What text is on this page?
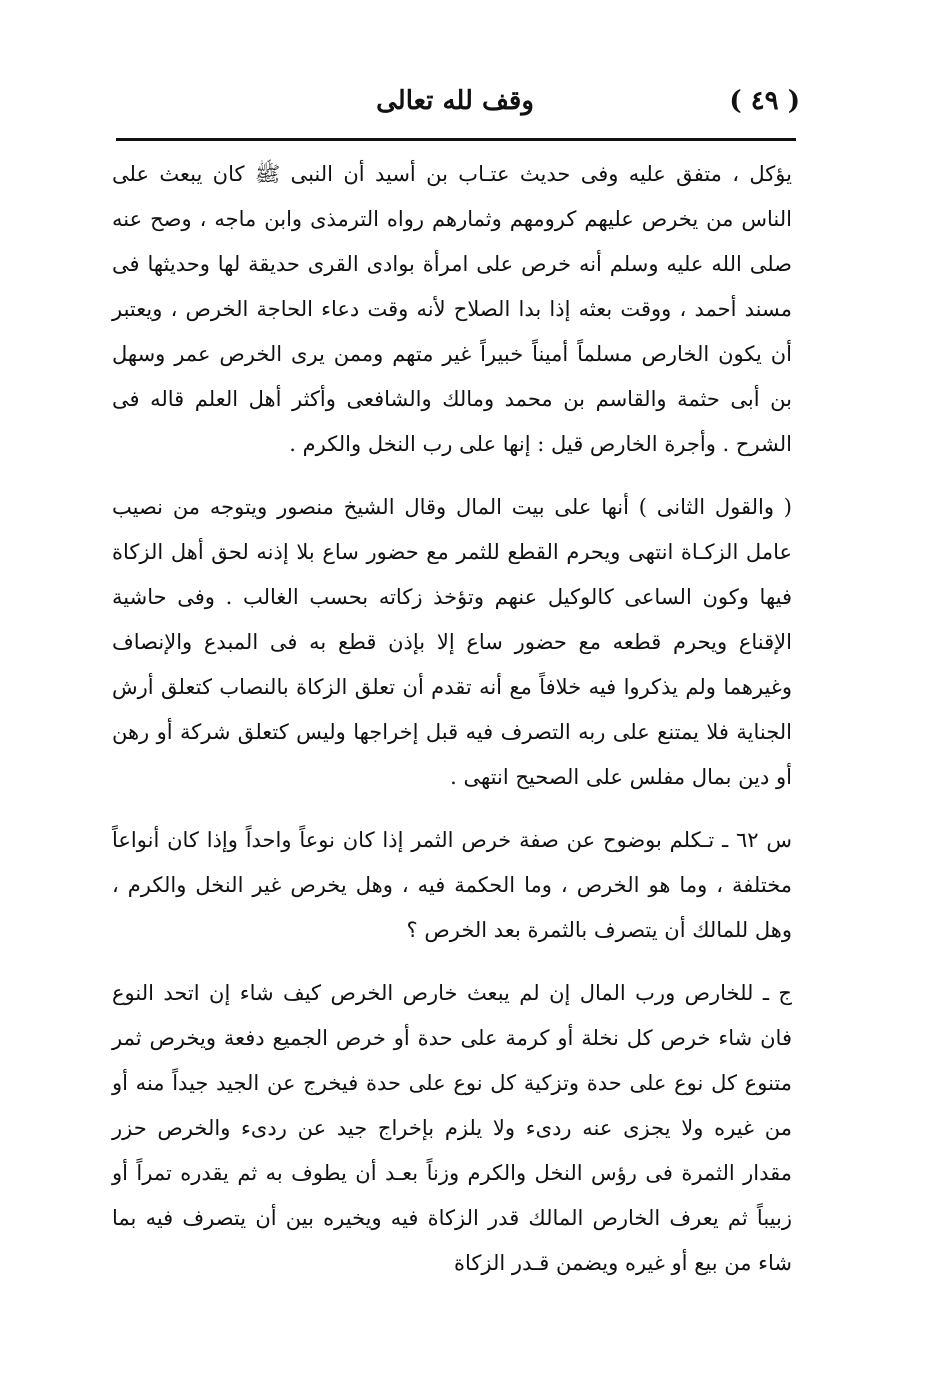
( ٤٩ )
وقف لله تعالى

يؤكل ، متفق عليه وفى حديث عتـاب بن أسيد أن النبى ﷺ كان يبعث على الناس من يخرص عليهم كرومهم وثمارهم رواه الترمذى وابن ماجه ، وصح عنه صلى الله عليه وسلم أنه خرص على امرأة بوادى القرى حديقة لها وحديثها فى مسند أحمد ، ووقت بعثه إذا بدا الصلاح لأنه وقت دعاء الحاجة الخرص ، ويعتبر أن يكون الخارص مسلماً أميناً خبيراً غير متهم وممن يرى الخرص عمر وسهل بن أبى حثمة والقاسم بن محمد ومالك والشافعى وأكثر أهل العلم قاله فى الشرح . وأجرة الخارص قيل : إنها على رب النخل والكرم .

( والقول الثانى ) أنها على بيت المال وقال الشيخ منصور ويتوجه من نصيب عامل الزكـاة انتهى ويحرم القطع للثمر مع حضور ساع بلا إذنه لحق أهل الزكاة فيها وكون الساعى كالوكيل عنهم وتؤخذ زكاته بحسب الغالب . وفى حاشية الإقناع ويحرم قطعه مع حضور ساع إلا بإذن قطع به فى المبدع والإنصاف وغيرهما ولم يذكروا فيه خلافاً مع أنه تقدم أن تعلق الزكاة بالنصاب كتعلق أرش الجناية فلا يمتنع على ربه التصرف فيه قبل إخراجها وليس كتعلق شركة أو رهن أو دين بمال مفلس على الصحيح انتهى .

س ٦٢ ـ تـكلم بوضوح عن صفة خرص الثمر إذا كان نوعاً واحداً وإذا كان أنواعاً مختلفة ، وما هو الخرص ، وما الحكمة فيه ، وهل يخرص غير النخل والكرم ، وهل للمالك أن يتصرف بالثمرة بعد الخرص ؟

ج ـ للخارص ورب المال إن لم يبعث خارص الخرص كيف شاء إن اتحد النوع فان شاء خرص كل نخلة أو كرمة على حدة أو خرص الجميع دفعة ويخرص ثمر متنوع كل نوع على حدة وتزكية كل نوع على حدة فيخرج عن الجيد جيداً منه أو من غيره ولا يجزى عنه ردىء ولا يلزم بإخراج جيد عن ردىء والخرص حزر مقدار الثمرة فى رؤس النخل والكرم وزناً بعـد أن يطوف به ثم يقدره تمراً أو زبيباً ثم يعرف الخارص المالك قدر الزكاة فيه ويخيره بين أن يتصرف فيه بما شاء من بيع أو غيره ويضمن قـدر الزكاة
